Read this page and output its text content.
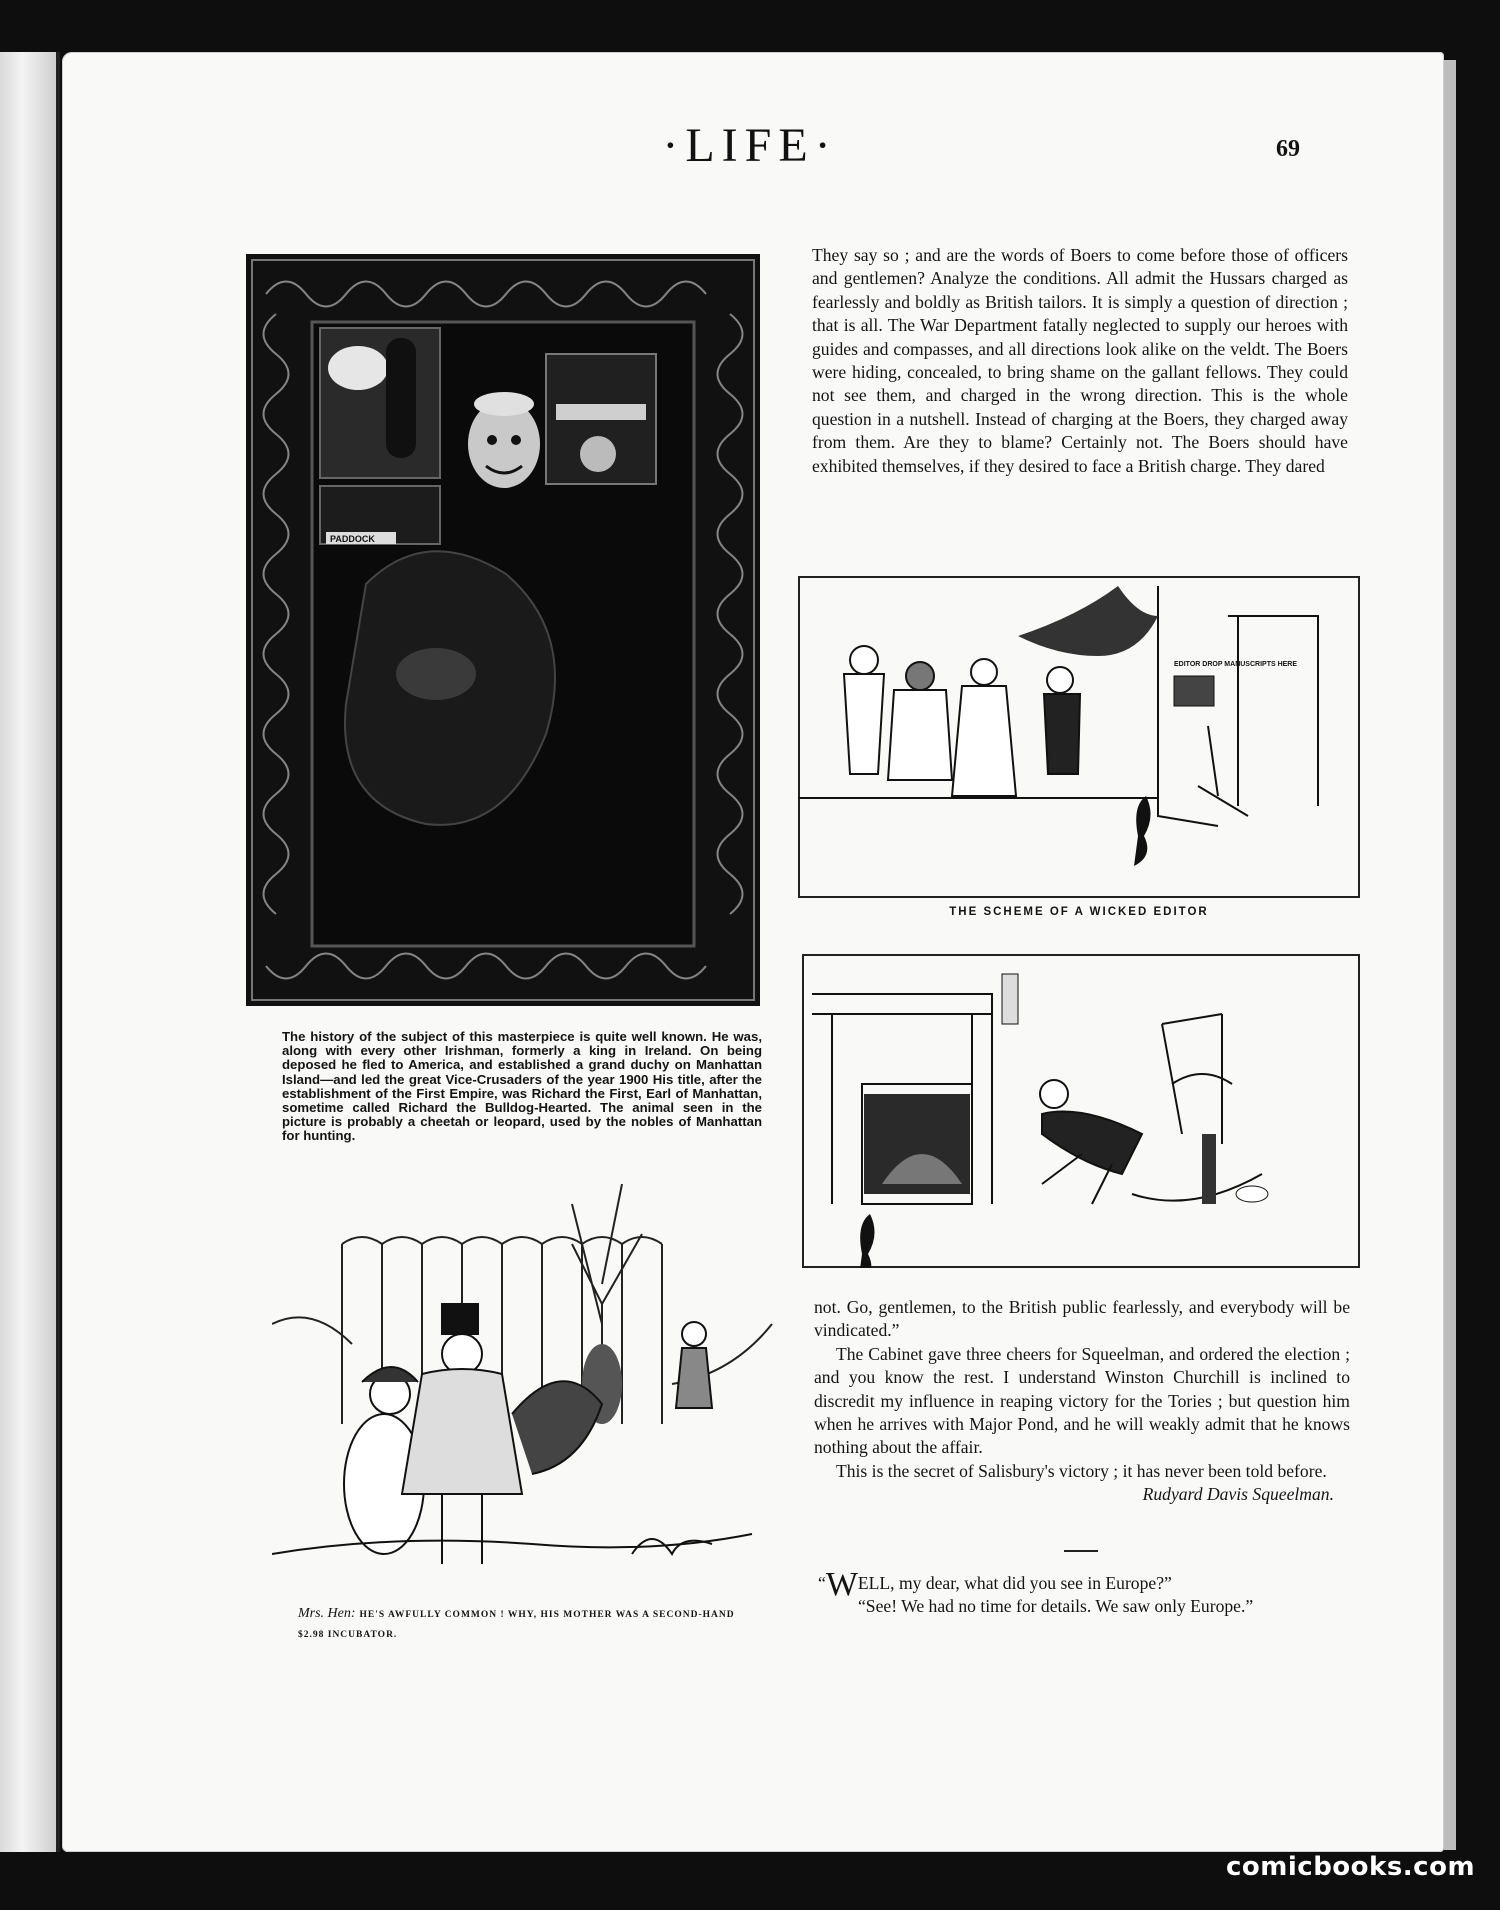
·LIFE·	69
PADDOCK
The history of the subject of this masterpiece is quite well known. He was, along with every other Irishman, formerly a king in Ireland. On being deposed he fled to America, and established a grand duchy on Manhattan Island—and led the great Vice-Crusaders of the year 1900 His title, after the establishment of the First Empire, was Richard the First, Earl of Manhattan, sometime called Richard the Bulldog-Hearted. The animal seen in the picture is probably a cheetah or leopard, used by the nobles of Manhattan for hunting.
Mrs. Hen: HE'S AWFULLY COMMON ! WHY, HIS MOTHER WAS A SECOND-HAND $2.98 INCUBATOR.

They say so ; and are the words of Boers to come before those of officers and gentlemen? Analyze the conditions. All admit the Hussars charged as fearlessly and boldly as British tailors. It is simply a question of direction ; that is all. The War Department fatally neglected to supply our heroes with guides and compasses, and all directions look alike on the veldt. The Boers were hiding, concealed, to bring shame on the gallant fellows. They could not see them, and charged in the wrong direction. This is the whole question in a nutshell. Instead of charging at the Boers, they charged away from them. Are they to blame? Certainly not. The Boers should have exhibited themselves, if they desired to face a British charge. They dared

EDITOR DROP MANUSCRIPTS HERE
THE SCHEME OF A WICKED EDITOR

not. Go, gentlemen, to the British public fearlessly, and everybody will be vindicated.”

The Cabinet gave three cheers for Squeelman, and ordered the election ; and you know the rest. I understand Winston Churchill is inclined to discredit my influence in reaping victory for the Tories ; but question him when he arrives with Major Pond, and he will weakly admit that he knows nothing about the affair.

This is the secret of Salisbury's victory ; it has never been told before.

Rudyard Davis Squeelman.

“WELL, my dear, what did you see in Europe?”

“See! We had no time for details. We saw only Europe.”

comicbooks.com
